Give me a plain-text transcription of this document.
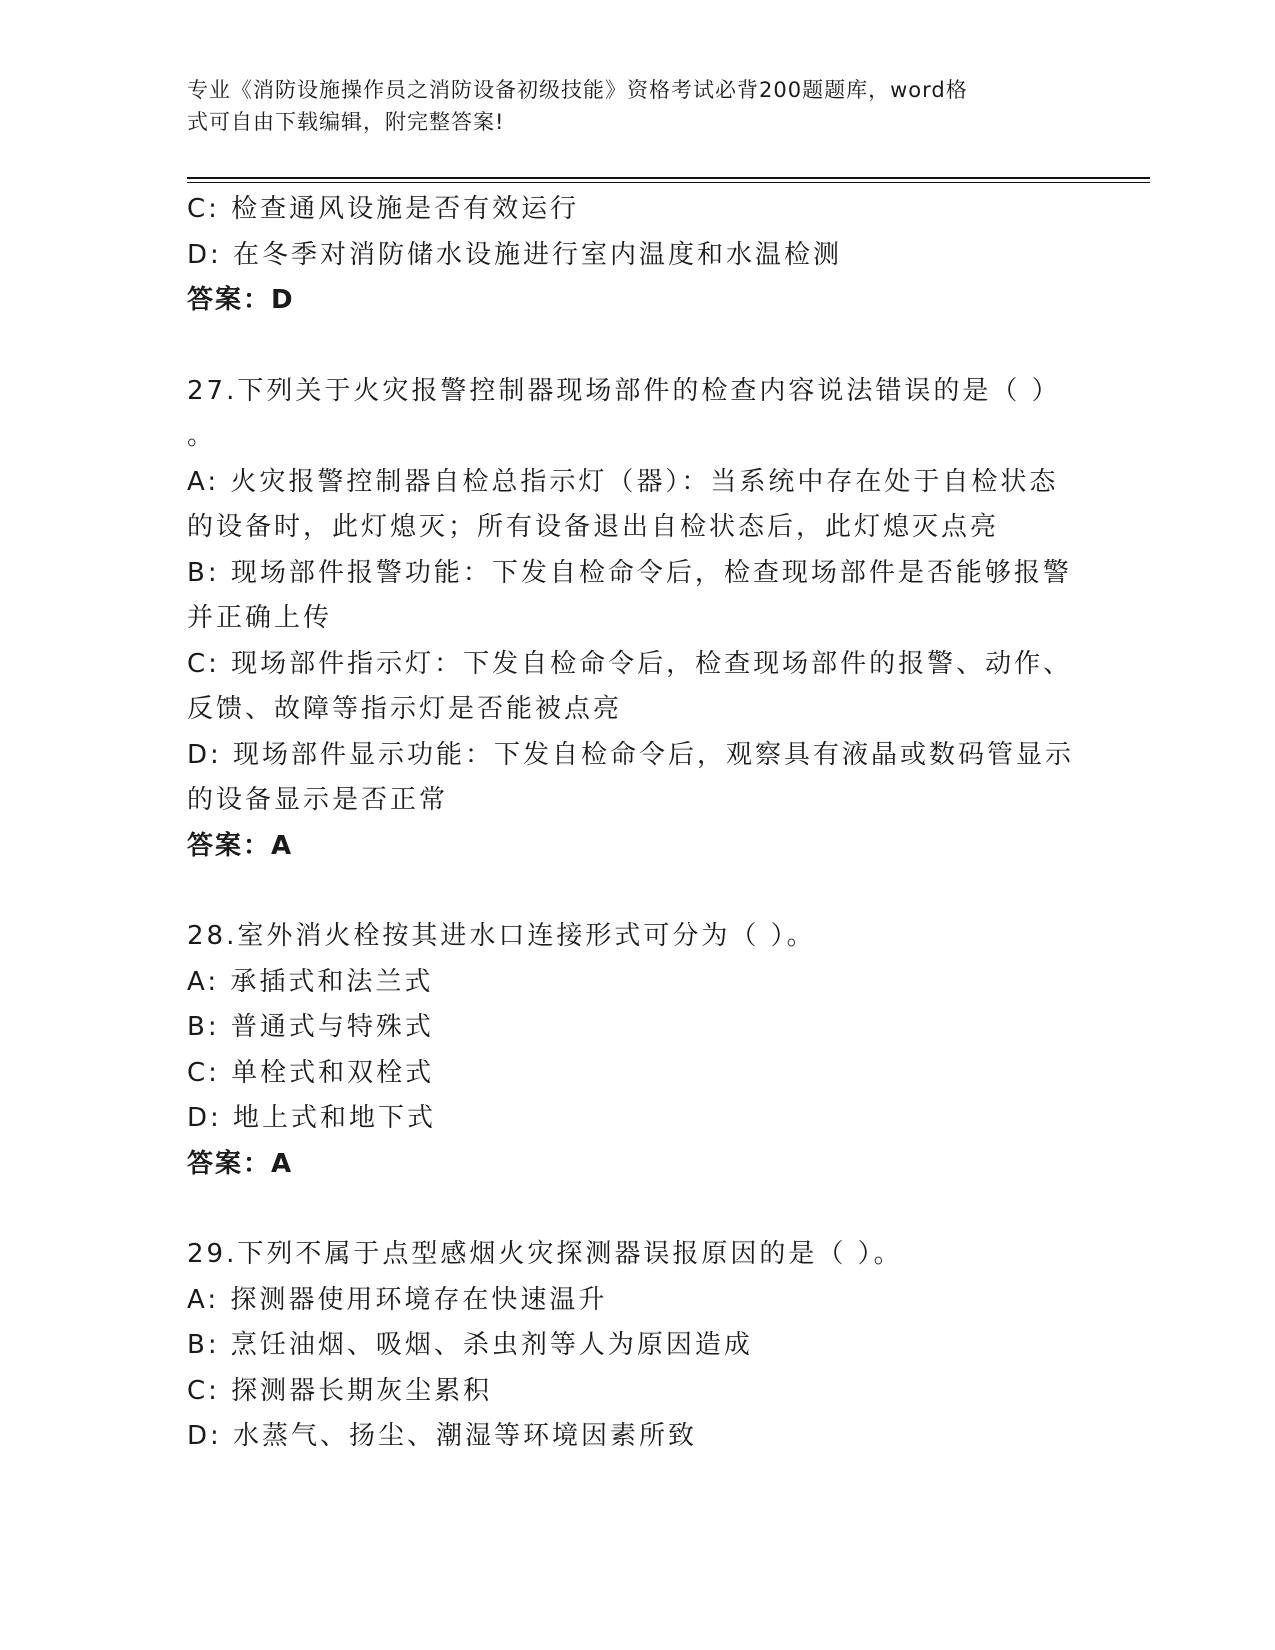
专业《消防设施操作员之消防设备初级技能》资格考试必背200题题库，word格
式可自由下载编辑，附完整答案!
C: 检查通风设施是否有效运行
D: 在冬季对消防储水设施进行室内温度和水温检测
答案：D
27.下列关于火灾报警控制器现场部件的检查内容说法错误的是（ ）
。
A: 火灾报警控制器自检总指示灯（器）：当系统中存在处于自检状态
的设备时，此灯熄灭；所有设备退出自检状态后，此灯熄灭点亮
B: 现场部件报警功能：下发自检命令后，检查现场部件是否能够报警
并正确上传
C: 现场部件指示灯：下发自检命令后，检查现场部件的报警、动作、
反馈、故障等指示灯是否能被点亮
D: 现场部件显示功能：下发自检命令后，观察具有液晶或数码管显示
的设备显示是否正常
答案：A
28.室外消火栓按其进水口连接形式可分为（ ）。
A: 承插式和法兰式
B: 普通式与特殊式
C: 单栓式和双栓式
D: 地上式和地下式
答案：A
29.下列不属于点型感烟火灾探测器误报原因的是（ ）。
A: 探测器使用环境存在快速温升
B: 烹饪油烟、吸烟、杀虫剂等人为原因造成
C: 探测器长期灰尘累积
D: 水蒸气、扬尘、潮湿等环境因素所致
